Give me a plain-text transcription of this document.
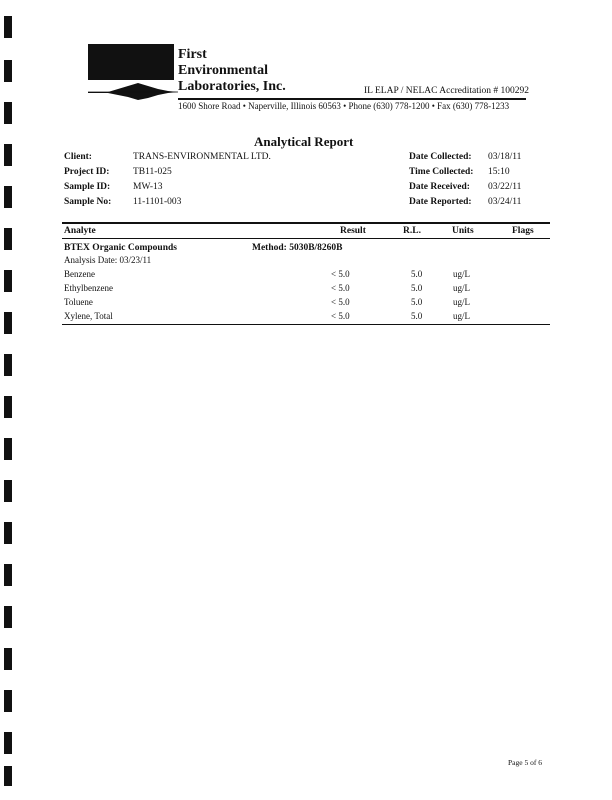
First
Environmental
Laboratories, Inc.	IL ELAP / NELAC Accreditation # 100292
1600 Shore Road • Naperville, Illinois 60563 • Phone (630) 778-1200 • Fax (630) 778-1233
Analytical Report
Client:	TRANS-ENVIRONMENTAL LTD.
Project ID: TB11-025
Sample ID: MW-13
Sample No: 11-1101-003
Date Collected: 03/18/11
Time Collected: 15:10
Date Received: 03/22/11
Date Reported: 03/24/11
Analyte	Result	R.L.	Units	Flags
BTEX Organic Compounds	Method: 5030B/8260B
Analysis Date: 03/23/11
Benzene	< 5.0	5.0	ug/L
Ethylbenzene	< 5.0	5.0	ug/L
Toluene	< 5.0	5.0	ug/L
Xylene, Total	< 5.0	5.0	ug/L
Page 5 of 6
